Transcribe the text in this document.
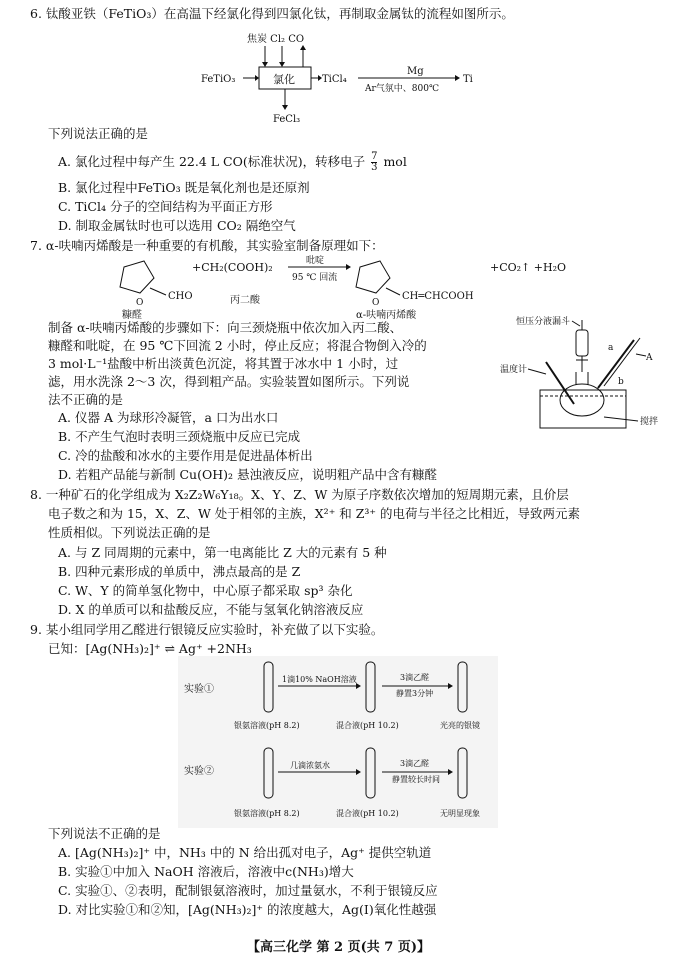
6. 钛酸亚铁（FeTiO₃）在高温下经氯化得到四氯化钛，再制取金属钛的流程如图所示。
焦炭 Cl₂ CO
氯化
FeTiO₃	TiCl₄
Mg
Ar气氛中、800℃
Ti
FeCl₃
下列说法正确的是
A. 氯化过程中每产生 22.4 L CO(标准状况)，转移电子 $\frac{7}{3}$ mol
B. 氯化过程中FeTiO₃ 既是氧化剂也是还原剂
C. TiCl₄ 分子的空间结构为平面正方形
D. 制取金属钛时也可以选用 CO₂ 隔绝空气
7. α-呋喃丙烯酸是一种重要的有机酸，其实验室制备原理如下：
O
CHO
+CH₂(COOH)₂	吡啶
95 ℃ 回流
O
CH═CHCOOH
+CO₂↑ +H₂O
糠醛
丙二酸
α-呋喃丙烯酸
制备 α-呋喃丙烯酸的步骤如下：向三颈烧瓶中依次加入丙二酸、
糠醛和吡啶，在 95 ℃下回流 2 小时，停止反应；将混合物倒入冷的
3 mol·L⁻¹盐酸中析出淡黄色沉淀，将其置于冰水中 1 小时，过
滤，用水洗涤 2～3 次，得到粗产品。实验装置如图所示。下列说
法不正确的是
恒压分液漏斗
温度计
a
b
A
搅拌
A. 仪器 A 为球形冷凝管，a 口为出水口
B. 不产生气泡时表明三颈烧瓶中反应已完成
C. 冷的盐酸和冰水的主要作用是促进晶体析出
D. 若粗产品能与新制 Cu(OH)₂ 悬浊液反应，说明粗产品中含有糠醛
8. 一种矿石的化学组成为 X₂Z₂W₆Y₁₈。X、Y、Z、W 为原子序数依次增加的短周期元素，且价层
电子数之和为 15，X、Z、W 处于相邻的主族，X²⁺ 和 Z³⁺ 的电荷与半径之比相近，导致两元素
性质相似。下列说法正确的是
A. 与 Z 同周期的元素中，第一电离能比 Z 大的元素有 5 种
B. 四种元素形成的单质中，沸点最高的是 Z
C. W、Y 的简单氢化物中，中心原子都采取 sp³ 杂化
D. X 的单质可以和盐酸反应，不能与氢氧化钠溶液反应
9. 某小组同学用乙醛进行银镜反应实验时，补充做了以下实验。
已知：[Ag(NH₃)₂]⁺ ⇌ Ag⁺ +2NH₃
实验①
1滴10% NaOH溶液	3滴乙醛
静置3分钟
银氨溶液(pH 8.2)	混合液(pH 10.2)	光亮的银镜
实验②
几滴浓氨水	3滴乙醛
静置较长时间
银氨溶液(pH 8.2)	混合液(pH 10.2)	无明显现象
下列说法不正确的是
A. [Ag(NH₃)₂]⁺ 中，NH₃ 中的 N 给出孤对电子，Ag⁺ 提供空轨道
B. 实验①中加入 NaOH 溶液后，溶液中c(NH₃)增大
C. 实验①、②表明，配制银氨溶液时，加过量氨水，不利于银镜反应
D. 对比实验①和②知，[Ag(NH₃)₂]⁺ 的浓度越大，Ag(Ⅰ)氧化性越强
【高三化学 第 2 页(共 7 页)】
